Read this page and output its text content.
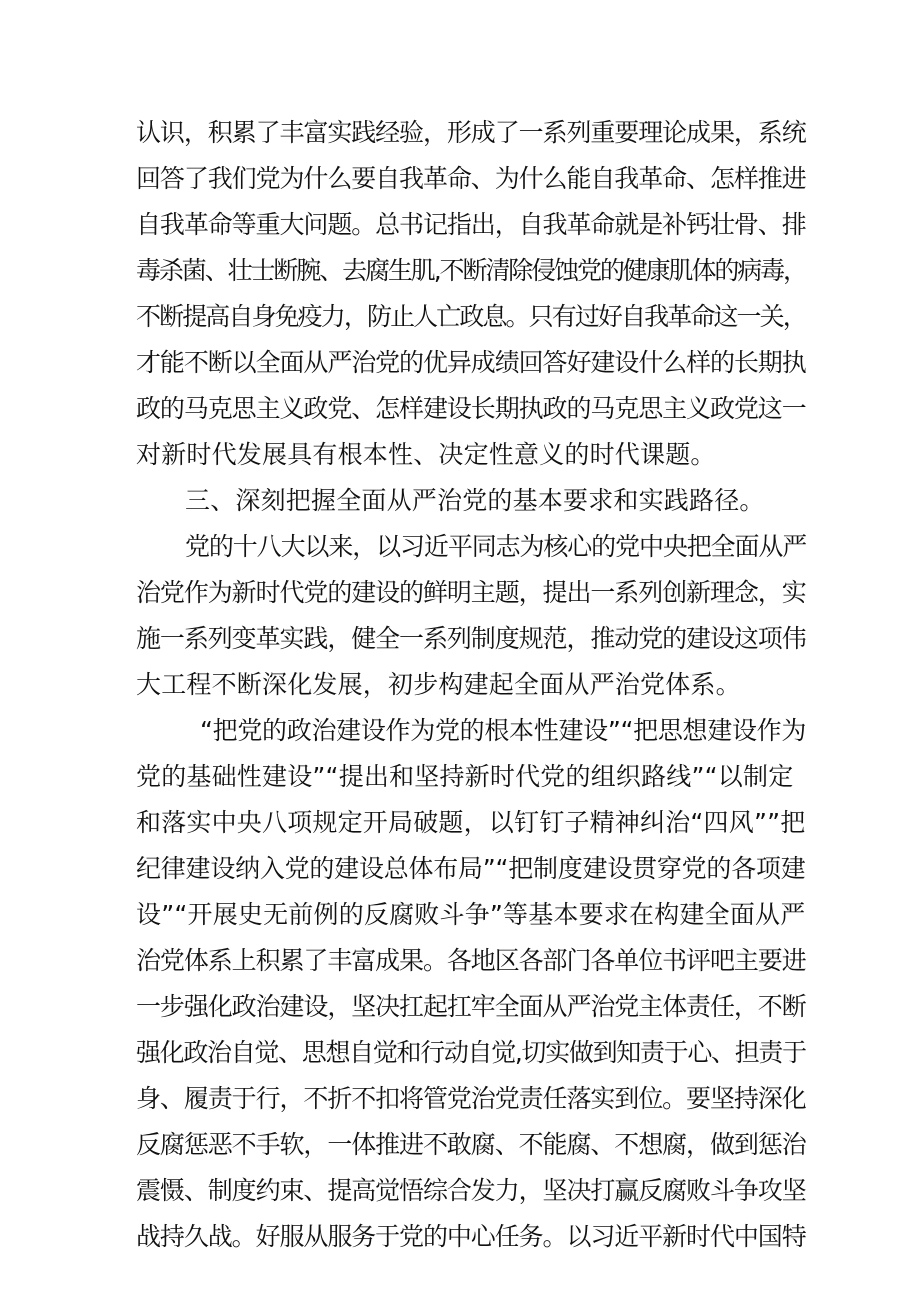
认识，积累了丰富实践经验，形成了一系列重要理论成果，系统
回答了我们党为什么要自我革命、为什么能自我革命、怎样推进
自我革命等重大问题。总书记指出，自我革命就是补钙壮骨、排
毒杀菌、壮士断腕、去腐生肌,不断清除侵蚀党的健康肌体的病毒，
不断提高自身免疫力，防止人亡政息。只有过好自我革命这一关，
才能不断以全面从严治党的优异成绩回答好建设什么样的长期执
政的马克思主义政党、怎样建设长期执政的马克思主义政党这一
对新时代发展具有根本性、决定性意义的时代课题。
三、深刻把握全面从严治党的基本要求和实践路径。
党的十八大以来，以习近平同志为核心的党中央把全面从严
治党作为新时代党的建设的鲜明主题，提出一系列创新理念，实
施一系列变革实践，健全一系列制度规范，推动党的建设这项伟
大工程不断深化发展，初步构建起全面从严治党体系。
“把党的政治建设作为党的根本性建设”“把思想建设作为
党的基础性建设”“提出和坚持新时代党的组织路线”“以制定
和落实中央八项规定开局破题，以钉钉子精神纠治“四风””把
纪律建设纳入党的建设总体布局”“把制度建设贯穿党的各项建
设”“开展史无前例的反腐败斗争”等基本要求在构建全面从严
治党体系上积累了丰富成果。各地区各部门各单位书评吧主要进
一步强化政治建设，坚决扛起扛牢全面从严治党主体责任，不断
强化政治自觉、思想自觉和行动自觉,切实做到知责于心、担责于
身、履责于行，不折不扣将管党治党责任落实到位。要坚持深化
反腐惩恶不手软，一体推进不敢腐、不能腐、不想腐，做到惩治
震慑、制度约束、提高觉悟综合发力，坚决打赢反腐败斗争攻坚
战持久战。好服从服务于党的中心任务。以习近平新时代中国特
